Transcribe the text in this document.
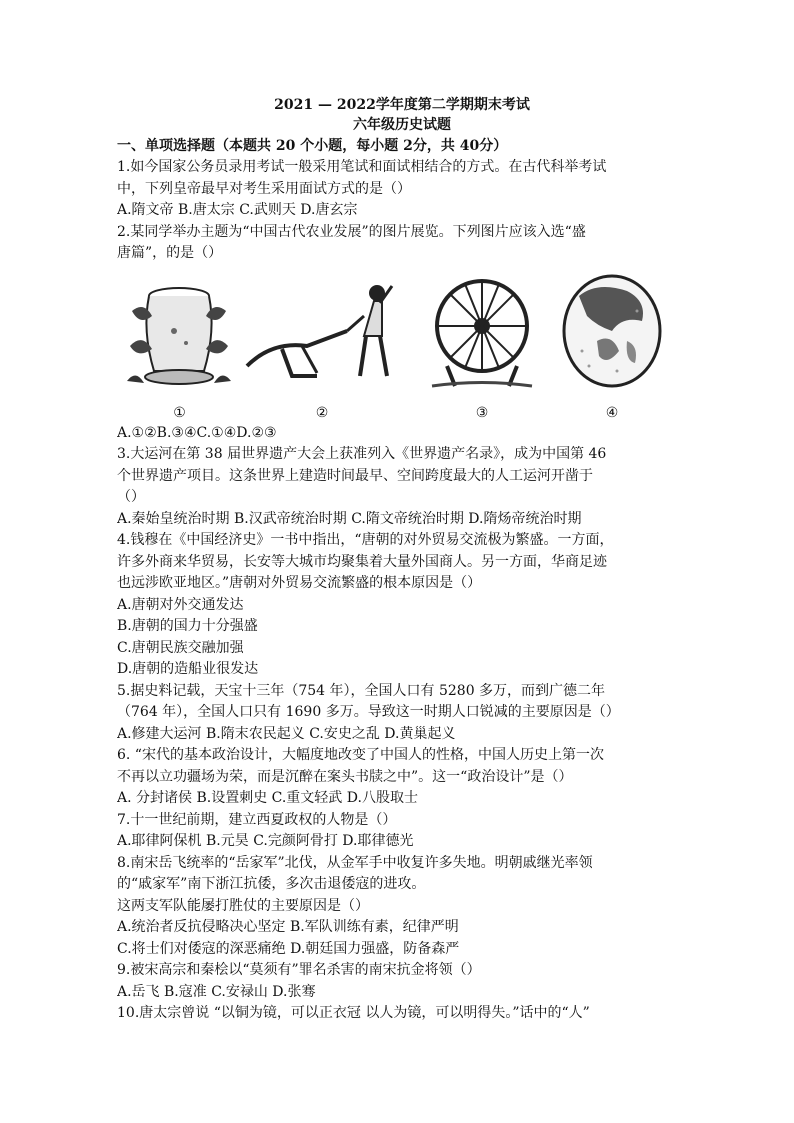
2021 — 2022学年度第二学期期末考试

六年级历史试题

一、单项选择题（本题共 20 个小题，每小题 2分，共 40分）

1.如今国家公务员录用考试一般采用笔试和面试相结合的方式。在古代科举考试

中，下列皇帝最早对考生采用面试方式的是（）

A.隋文帝 B.唐太宗 C.武则天 D.唐玄宗

2.某同学举办主题为“中国古代农业发展”的图片展览。下列图片应该入选“盛

唐篇”，的是（）

①	②	③	④

A.①②B.③④C.①④D.②③

3.大运河在第 38 届世界遗产大会上获准列入《世界遗产名录》，成为中国第 46

个世界遗产项目。这条世界上建造时间最早、空间跨度最大的人工运河开凿于

（）

A.秦始皇统治时期 B.汉武帝统治时期 C.隋文帝统治时期 D.隋炀帝统治时期

4.钱穆在《中国经济史》一书中指出，“唐朝的对外贸易交流极为繁盛。一方面，

许多外商来华贸易，长安等大城市均聚集着大量外国商人。另一方面，华商足迹

也远涉欧亚地区。”唐朝对外贸易交流繁盛的根本原因是（）

A.唐朝对外交通发达

B.唐朝的国力十分强盛

C.唐朝民族交融加强

D.唐朝的造船业很发达

5.据史料记载，天宝十三年（754 年），全国人口有 5280 多万，而到广德二年

（764 年），全国人口只有 1690 多万。导致这一时期人口锐减的主要原因是（）

A.修建大运河 B.隋末农民起义 C.安史之乱 D.黄巢起义

6. “宋代的基本政治设计，大幅度地改变了中国人的性格，中国人历史上第一次

不再以立功疆场为荣，而是沉醉在案头书牍之中”。这一“政治设计”是（）

A. 分封诸侯 B.设置刺史 C.重文轻武 D.八股取士

7.十一世纪前期，建立西夏政权的人物是（）

A.耶律阿保机 B.元昊 C.完颜阿骨打 D.耶律德光

8.南宋岳飞统率的“岳家军”北伐，从金军手中收复许多失地。明朝戚继光率领

的“戚家军”南下浙江抗倭，多次击退倭寇的进攻。

这两支军队能屡打胜仗的主要原因是（）

A.统治者反抗侵略决心坚定 B.军队训练有素，纪律严明

C.将士们对倭寇的深恶痛绝 D.朝廷国力强盛，防备森严

9.被宋高宗和秦桧以“莫须有”罪名杀害的南宋抗金将领（）

A.岳飞 B.寇准 C.安禄山 D.张骞

10.唐太宗曾说 “以铜为镜，可以正衣冠 以人为镜，可以明得失。”话中的“人”
